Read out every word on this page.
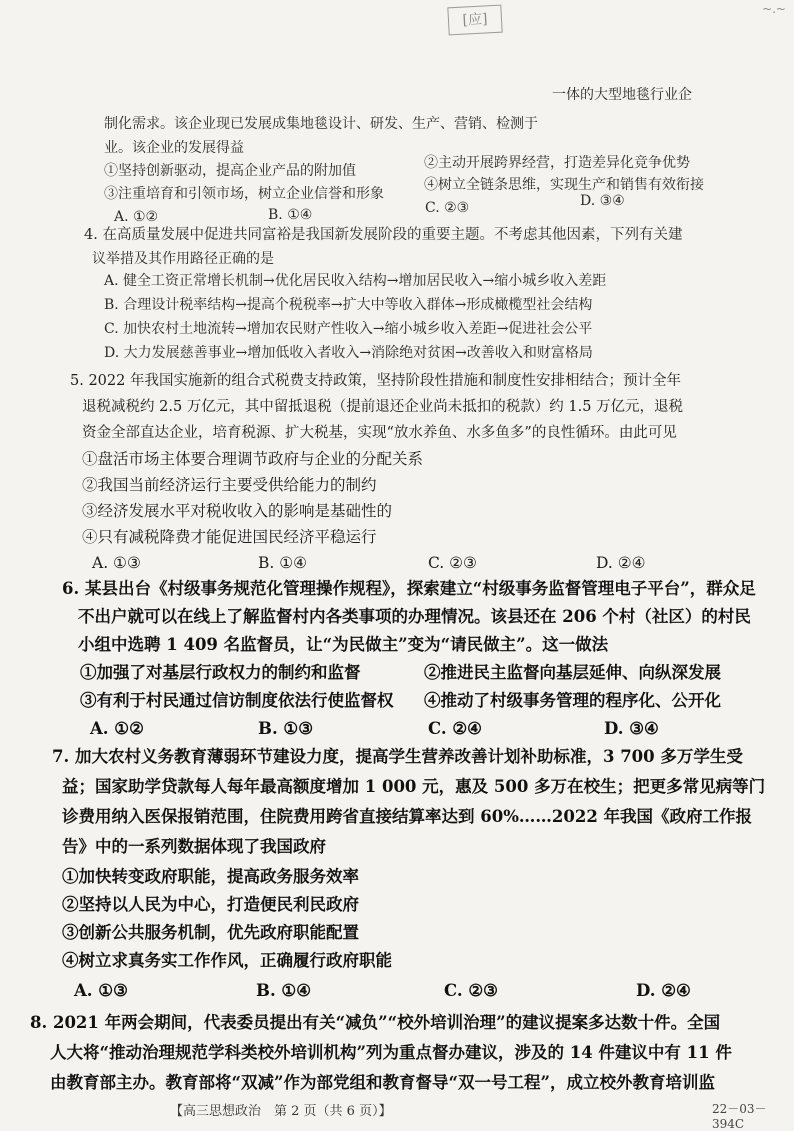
[应]
~.~
一体的大型地毯行业企
制化需求。该企业现已发展成集地毯设计、研发、生产、营销、检测于
业。该企业的发展得益
①坚持创新驱动，提高企业产品的附加值	②主动开展跨界经营，打造差异化竞争优势
③注重培育和引领市场，树立企业信誉和形象
④树立全链条思维，实现生产和销售有效衔接
A. ①②	B. ①④	C. ②③	D. ③④
4. 在高质量发展中促进共同富裕是我国新发展阶段的重要主题。不考虑其他因素，下列有关建
议举措及其作用路径正确的是
A. 健全工资正常增长机制→优化居民收入结构→增加居民收入→缩小城乡收入差距
B. 合理设计税率结构→提高个税税率→扩大中等收入群体→形成橄榄型社会结构
C. 加快农村土地流转→增加农民财产性收入→缩小城乡收入差距→促进社会公平
D. 大力发展慈善事业→增加低收入者收入→消除绝对贫困→改善收入和财富格局
5. 2022 年我国实施新的组合式税费支持政策，坚持阶段性措施和制度性安排相结合；预计全年
退税减税约 2.5 万亿元，其中留抵退税（提前退还企业尚未抵扣的税款）约 1.5 万亿元，退税
资金全部直达企业，培育税源、扩大税基，实现“放水养鱼、水多鱼多”的良性循环。由此可见
①盘活市场主体要合理调节政府与企业的分配关系
②我国当前经济运行主要受供给能力的制约
③经济发展水平对税收收入的影响是基础性的
④只有减税降费才能促进国民经济平稳运行
A. ①③	B. ①④	C. ②③	D. ②④
6. 某县出台《村级事务规范化管理操作规程》，探索建立“村级事务监督管理电子平台”，群众足
不出户就可以在线上了解监督村内各类事项的办理情况。该县还在 206 个村（社区）的村民
小组中选聘 1 409 名监督员，让“为民做主”变为“请民做主”。这一做法
①加强了对基层行政权力的制约和监督	②推进民主监督向基层延伸、向纵深发展
③有利于村民通过信访制度依法行使监督权 ④推动了村级事务管理的程序化、公开化
A. ①②	B. ①③	C. ②④	D. ③④
7. 加大农村义务教育薄弱环节建设力度，提高学生营养改善计划补助标准，3 700 多万学生受
益；国家助学贷款每人每年最高额度增加 1 000 元，惠及 500 多万在校生；把更多常见病等门
诊费用纳入医保报销范围，住院费用跨省直接结算率达到 60%……2022 年我国《政府工作报
告》中的一系列数据体现了我国政府
①加快转变政府职能，提高政务服务效率
②坚持以人民为中心，打造便民利民政府
③创新公共服务机制，优先政府职能配置
④树立求真务实工作作风，正确履行政府职能
A. ①③	B. ①④	C. ②③	D. ②④
8. 2021 年两会期间，代表委员提出有关“减负”“校外培训治理”的建议提案多达数十件。全国
人大将“推动治理规范学科类校外培训机构”列为重点督办建议，涉及的 14 件建议中有 11 件
由教育部主办。教育部将“双减”作为部党组和教育督导“双一号工程”，成立校外教育培训监
【高三思想政治　第 2 页（共 6 页）】	22－03－394C
